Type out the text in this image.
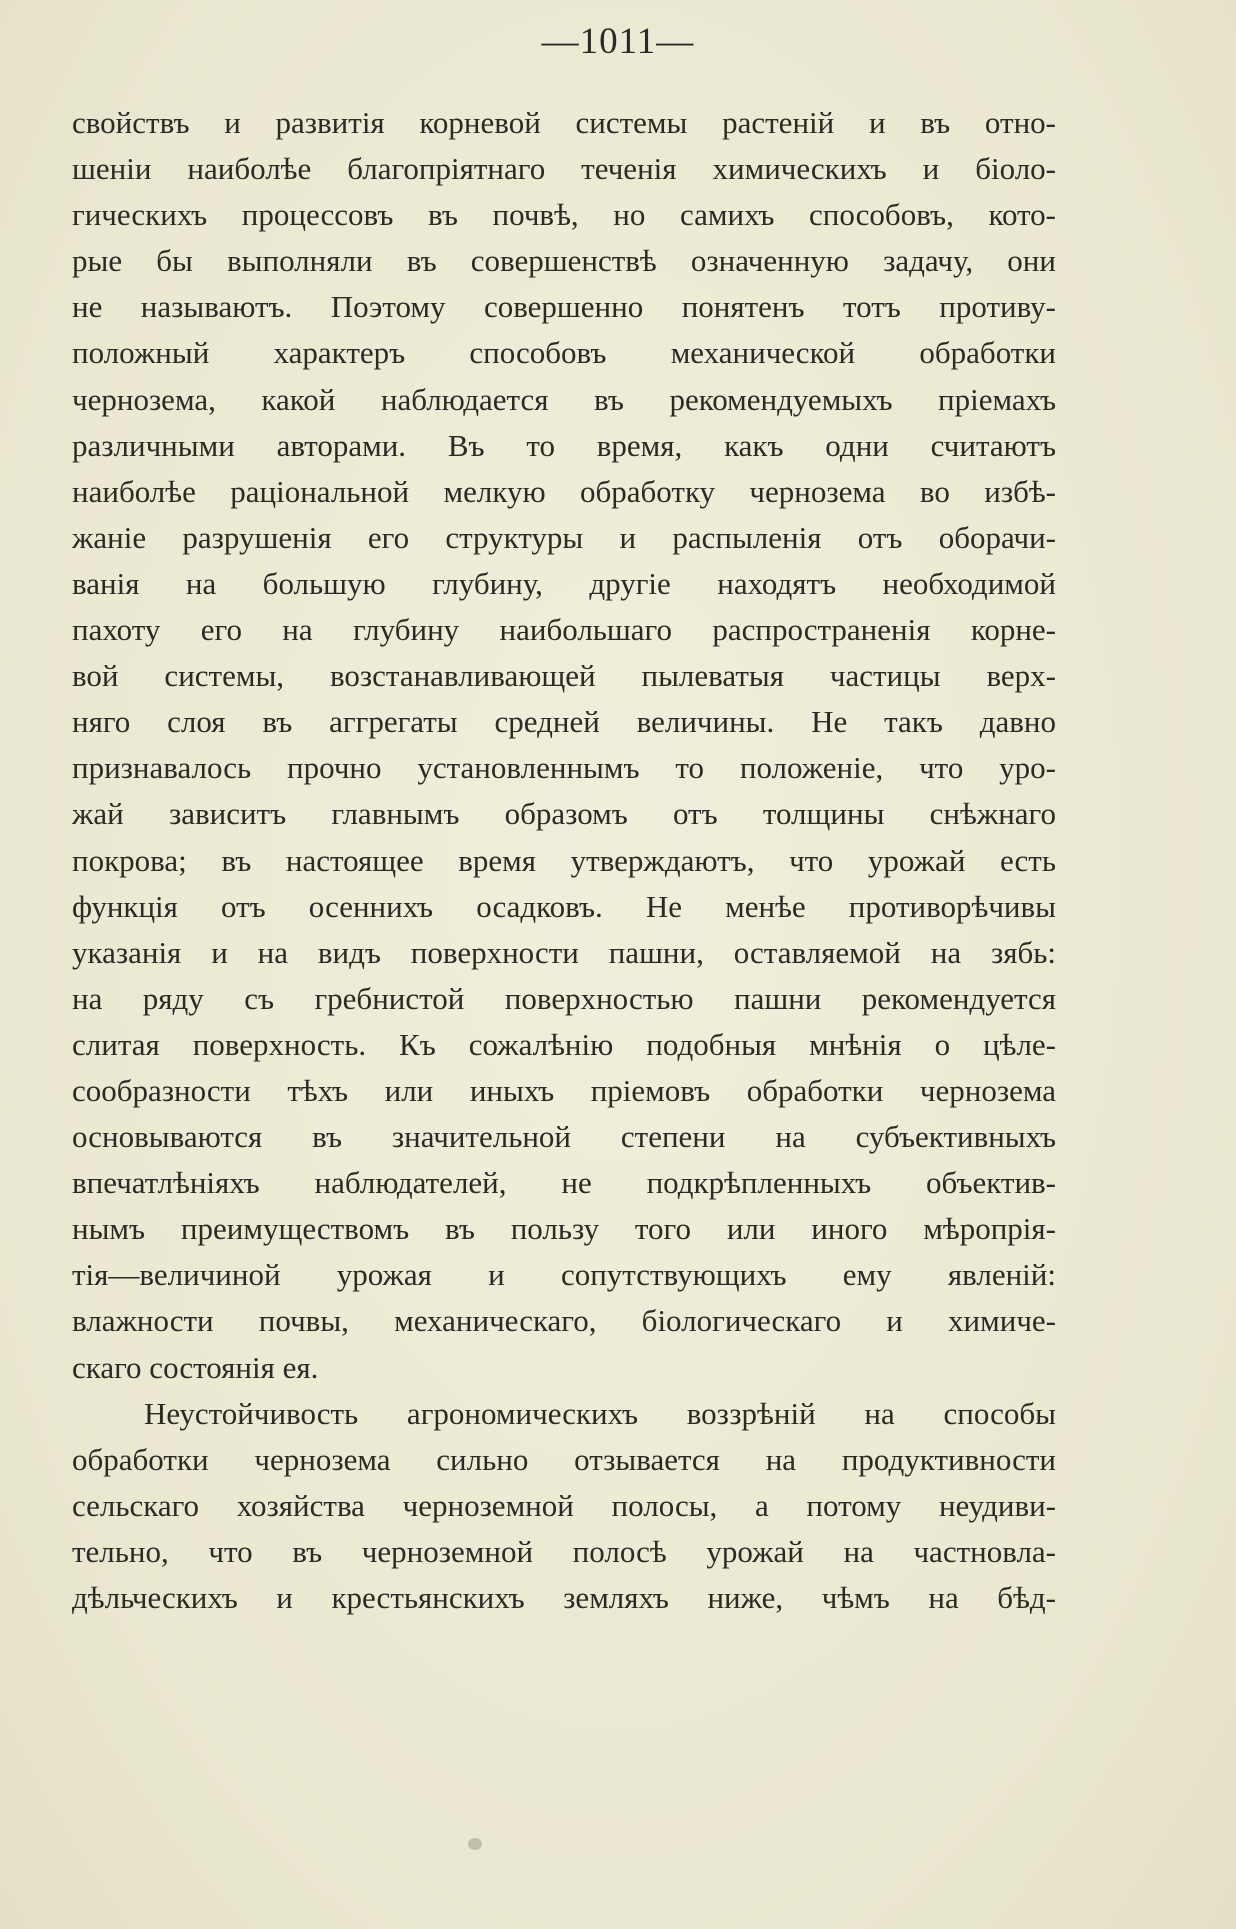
—1011—
свойствъ и развитія корневой системы растеній и въ отно-
шеніи наиболѣе благопріятнаго теченія химическихъ и біоло-
гическихъ процессовъ въ почвѣ, но самихъ способовъ, кото-
рые бы выполняли въ совершенствѣ означенную задачу, они
не называютъ. Поэтому совершенно понятенъ тотъ противу-
положный характеръ способовъ механической обработки
чернозема, какой наблюдается въ рекомендуемыхъ пріемахъ
различными авторами. Въ то время, какъ одни считаютъ
наиболѣе раціональной мелкую обработку чернозема во избѣ-
жаніе разрушенія его структуры и распыленія отъ оборачи-
ванія на большую глубину, другіе находятъ необходимой
пахоту его на глубину наибольшаго распространенія корне-
вой системы, возстанавливающей пылеватыя частицы верх-
няго слоя въ аггрегаты средней величины. Не такъ давно
признавалось прочно установленнымъ то положеніе, что уро-
жай зависитъ главнымъ образомъ отъ толщины снѣжнаго
покрова; въ настоящее время утверждаютъ, что урожай есть
функція отъ осеннихъ осадковъ. Не менѣе противорѣчивы
указанія и на видъ поверхности пашни, оставляемой на зябь:
на ряду съ гребнистой поверхностью пашни рекомендуется
слитая поверхность. Къ сожалѣнію подобныя мнѣнія о цѣле-
сообразности тѣхъ или иныхъ пріемовъ обработки чернозема
основываются въ значительной степени на субъективныхъ
впечатлѣніяхъ наблюдателей, не подкрѣпленныхъ объектив-
нымъ преимуществомъ въ пользу того или иного мѣропрія-
тія—величиной урожая и сопутствующихъ ему явленій:
влажности почвы, механическаго, біологическаго и химиче-
скаго состоянія ея.
Неустойчивость агрономическихъ воззрѣній на способы
обработки чернозема сильно отзывается на продуктивности
сельскаго хозяйства черноземной полосы, а потому неудиви-
тельно, что въ черноземной полосѣ урожай на частновла-
дѣльческихъ и крестьянскихъ земляхъ ниже, чѣмъ на бѣд-
